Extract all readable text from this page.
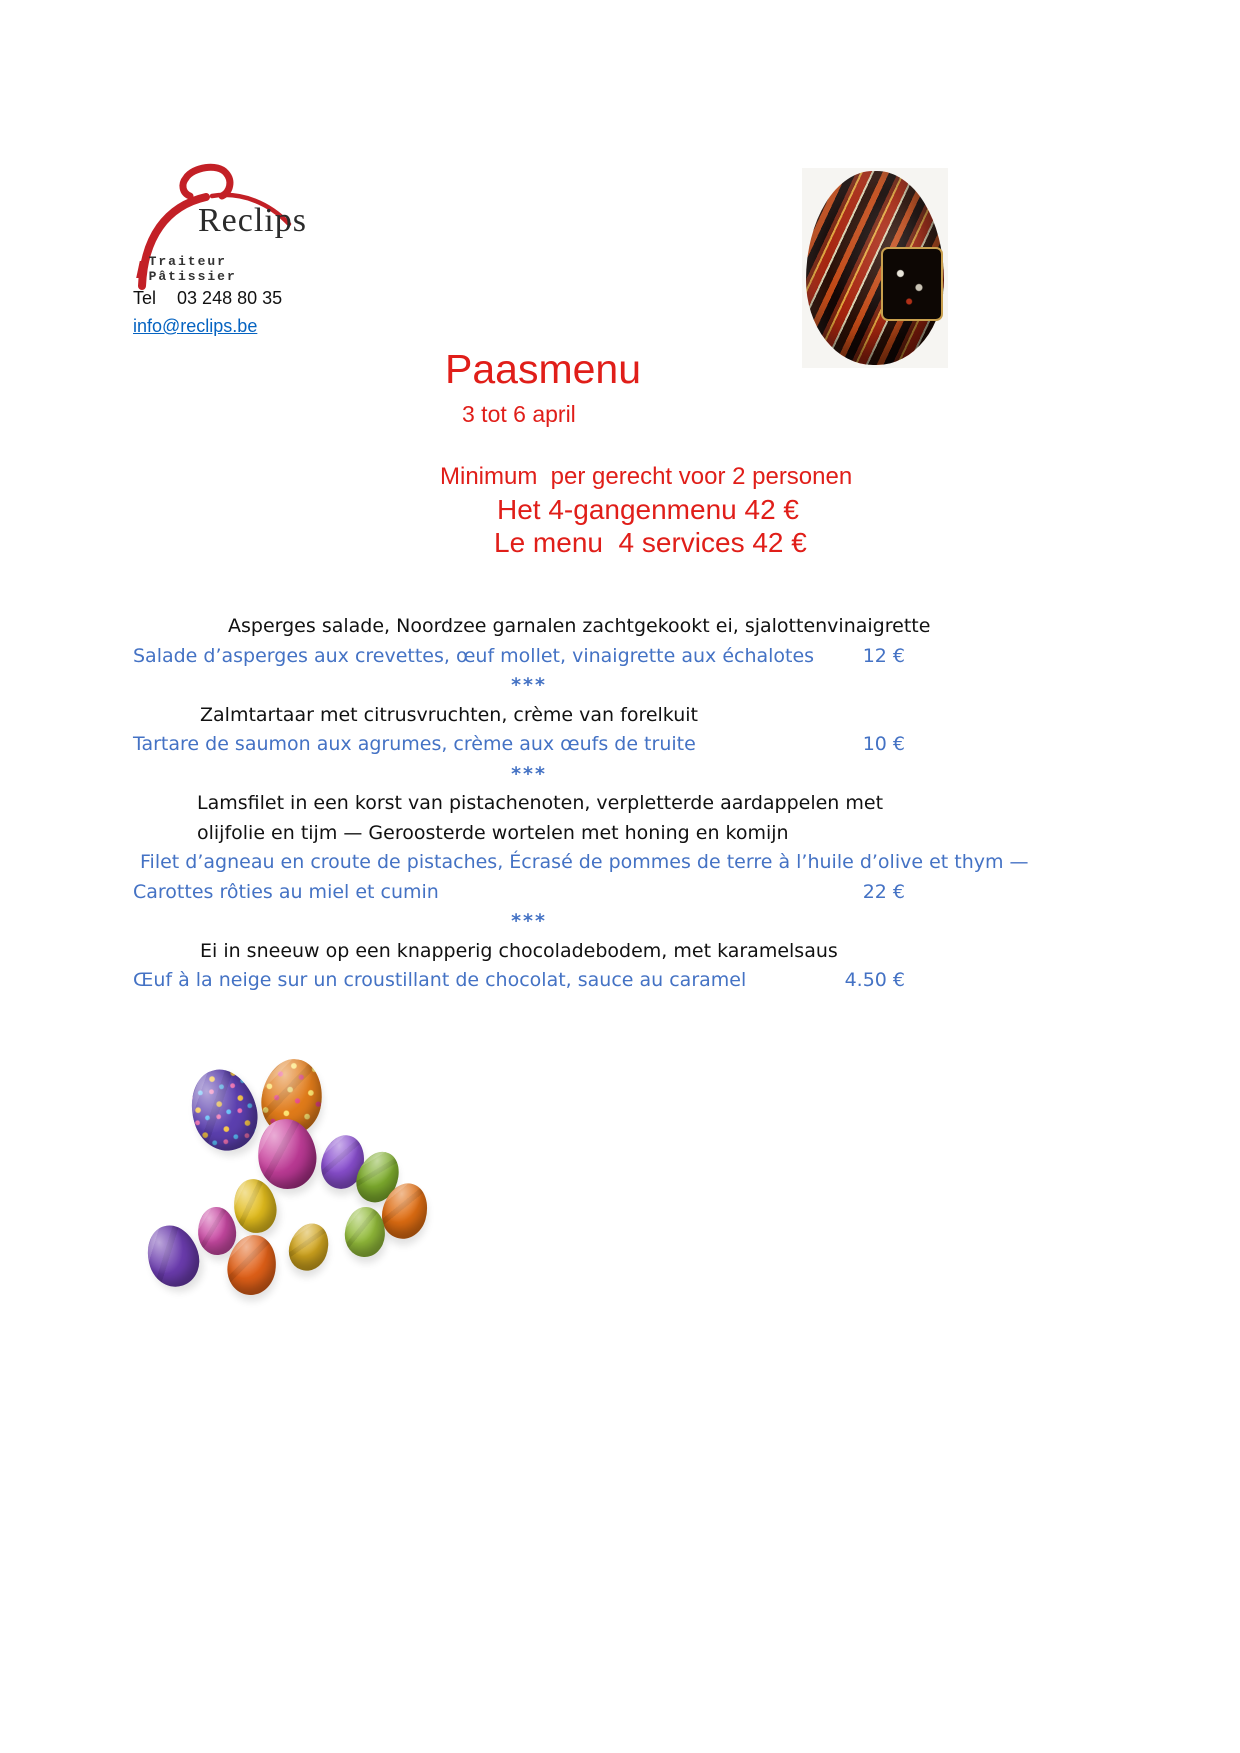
Reclips
Traiteur Pâtissier
Tel 03 248 80 35
info@reclips.be
Paasmenu
3 tot 6 april
Minimum  per gerecht voor 2 personen
Het 4-gangenmenu 42 €
Le menu  4 services 42 €
Asperges salade, Noordzee garnalen zachtgekookt ei, sjalottenvinaigrette
Salade d’asperges aux crevettes, œuf mollet, vinaigrette aux échalotes	12 €
***
Zalmtartaar met citrusvruchten, crème van forelkuit
Tartare de saumon aux agrumes, crème aux œufs de truite	10 €
***
Lamsfilet in een korst van pistachenoten, verpletterde aardappelen met
olijfolie en tijm — Geroosterde wortelen met honing en komijn
Filet d’agneau en croute de pistaches, Écrasé de pommes de terre à l’huile d’olive et thym —
Carottes rôties au miel et cumin	22 €
***
Ei in sneeuw op een knapperig chocoladebodem, met karamelsaus
Œuf à la neige sur un croustillant de chocolat, sauce au caramel	4.50 €
